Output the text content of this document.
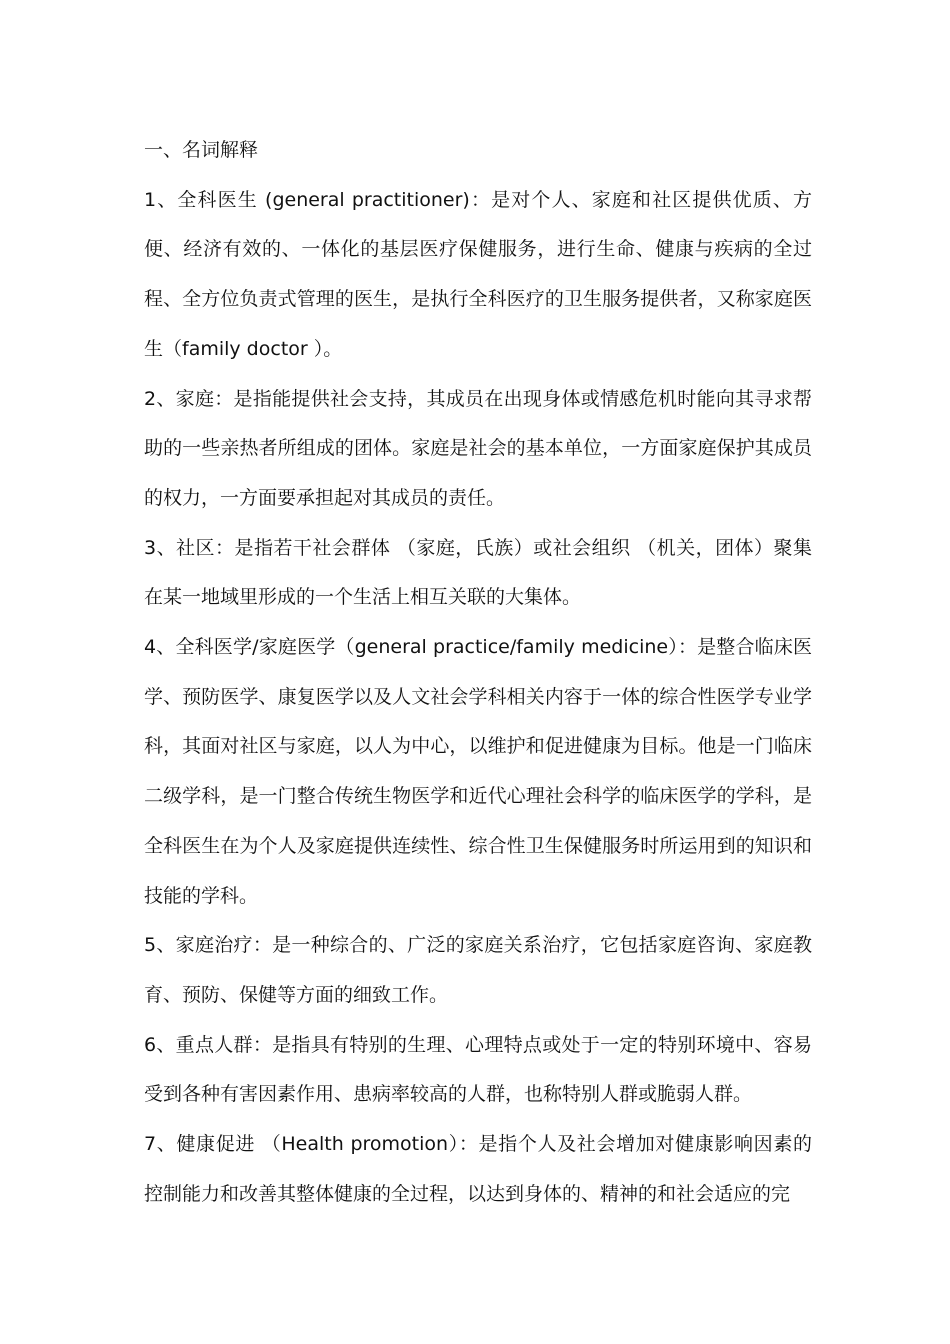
一、名词解释

1、全科医生 (general practitioner)：是对个人、家庭和社区提供优质、方便、经济有效的、一体化的基层医疗保健服务，进行生命、健康与疾病的全过程、全方位负责式管理的医生，是执行全科医疗的卫生服务提供者，又称家庭医生（family doctor ）。

2、家庭：是指能提供社会支持，其成员在出现身体或情感危机时能向其寻求帮助的一些亲热者所组成的团体。家庭是社会的基本单位，一方面家庭保护其成员的权力，一方面要承担起对其成员的责任。

3、社区：是指若干社会群体 （家庭，氏族）或社会组织 （机关，团体）聚集在某一地域里形成的一个生活上相互关联的大集体。

4、全科医学/家庭医学（general practice/family medicine）：是整合临床医学、预防医学、康复医学以及人文社会学科相关内容于一体的综合性医学专业学科，其面对社区与家庭，以人为中心，以维护和促进健康为目标。他是一门临床二级学科，是一门整合传统生物医学和近代心理社会科学的临床医学的学科，是全科医生在为个人及家庭提供连续性、综合性卫生保健服务时所运用到的知识和技能的学科。

5、家庭治疗：是一种综合的、广泛的家庭关系治疗，它包括家庭咨询、家庭教育、预防、保健等方面的细致工作。

6、重点人群：是指具有特别的生理、心理特点或处于一定的特别环境中、容易受到各种有害因素作用、患病率较高的人群，也称特别人群或脆弱人群。

7、健康促进 （Health promotion）：是指个人及社会增加对健康影响因素的控制能力和改善其整体健康的全过程，以达到身体的、精神的和社会适应的完
